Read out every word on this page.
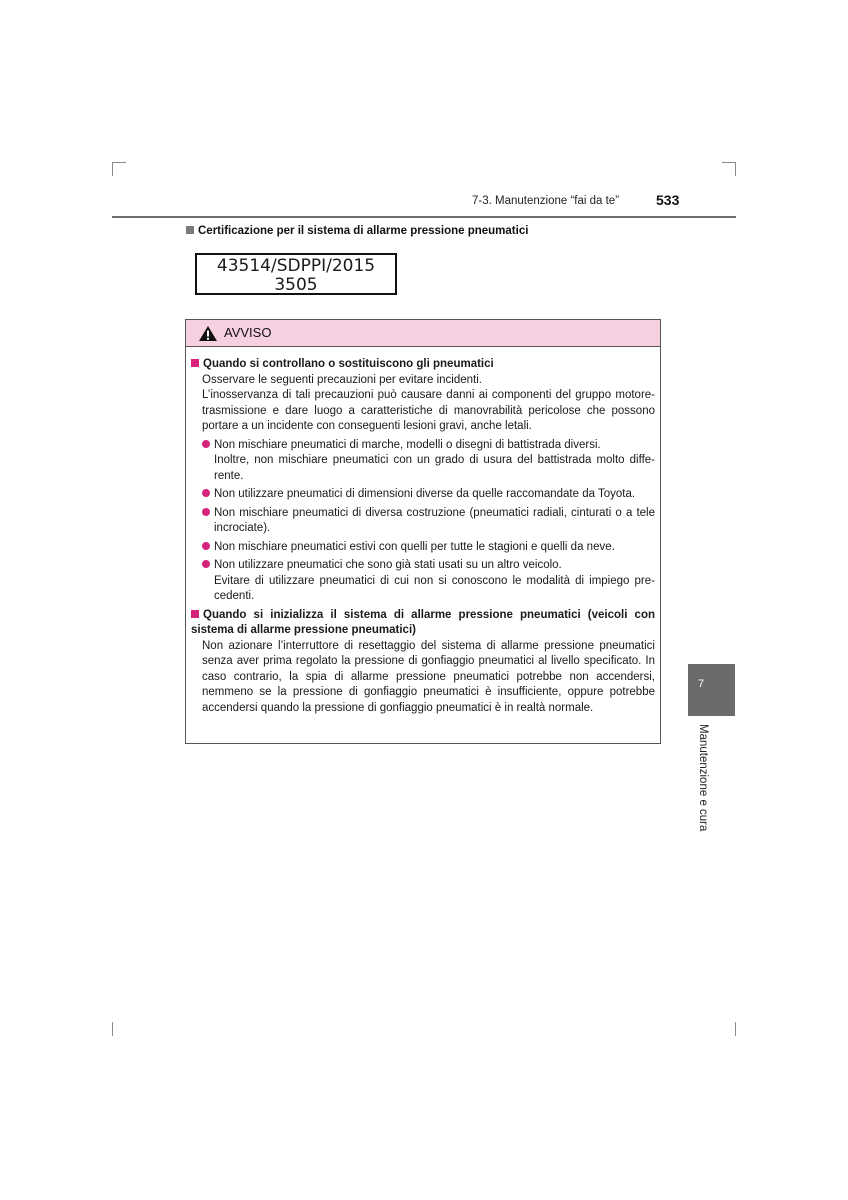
7-3. Manutenzione “fai da te”	533
Certificazione per il sistema di allarme pressione pneumatici
43514/SDPPI/2015
3505
AVVISO
Quando si controllano o sostituiscono gli pneumatici
Osservare le seguenti precauzioni per evitare incidenti.
L’inosservanza di tali precauzioni può causare danni ai componenti del gruppo motore-trasmissione e dare luogo a caratteristiche di manovrabilità pericolose che possono portare a un incidente con conseguenti lesioni gravi, anche letali.
Non mischiare pneumatici di marche, modelli o disegni di battistrada diversi.
Inoltre, non mischiare pneumatici con un grado di usura del battistrada molto diffe-rente.
Non utilizzare pneumatici di dimensioni diverse da quelle raccomandate da Toyota.
Non mischiare pneumatici di diversa costruzione (pneumatici radiali, cinturati o a tele incrociate).
Non mischiare pneumatici estivi con quelli per tutte le stagioni e quelli da neve.
Non utilizzare pneumatici che sono già stati usati su un altro veicolo.
Evitare di utilizzare pneumatici di cui non si conoscono le modalità di impiego pre-cedenti.
Quando si inizializza il sistema di allarme pressione pneumatici (veicoli con sistema di allarme pressione pneumatici)
Non azionare l’interruttore di resettaggio del sistema di allarme pressione pneumatici senza aver prima regolato la pressione di gonfiaggio pneumatici al livello specificato. In caso contrario, la spia di allarme pressione pneumatici potrebbe non accendersi, nemmeno se la pressione di gonfiaggio pneumatici è insufficiente, oppure potrebbe accendersi quando la pressione di gonfiaggio pneumatici è in realtà normale.
7
Manutenzione e cura
